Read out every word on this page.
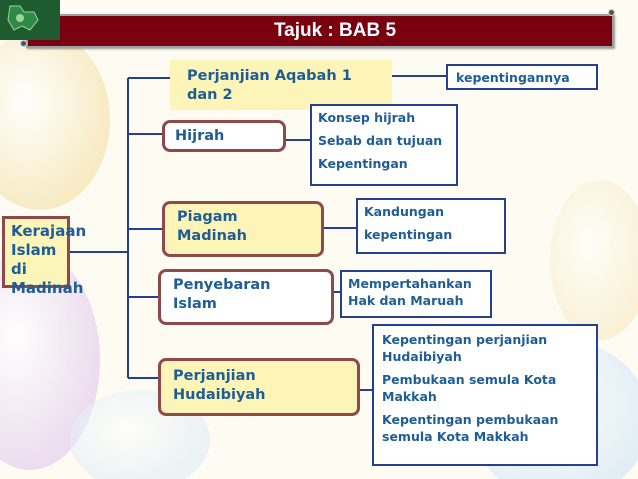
Tajuk : BAB 5
Kerajaan Islam di Madinah
Perjanjian Aqabah 1 dan 2
kepentingannya
Hijrah
Konsep hijrah
Sebab dan tujuan
Kepentingan
Piagam Madinah
Kandungan
kepentingan
Penyebaran Islam
Mempertahankan Hak dan Maruah
Perjanjian Hudaibiyah
Kepentingan perjanjian Hudaibiyah
Pembukaan semula Kota Makkah
Kepentingan pembukaan semula Kota Makkah
